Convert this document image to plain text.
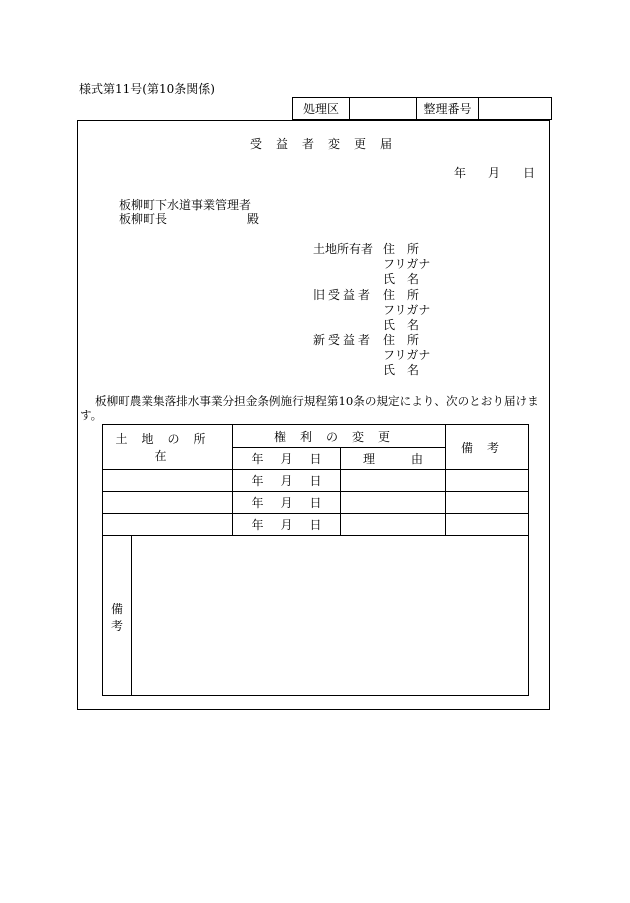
様式第11号(第10条関係)
処理区		整理番号	
受益者変更届
年 月 日
板柳町下水道事業管理者
板柳町長	殿
土地所有者 住　所
フリガナ
氏　名
旧受益者 住　所
フリガナ
氏　名
新受益者 住　所
フリガナ
氏　名
板柳町農業集落排水事業分担金条例施行規程第10条の規定により、次のとおり届けま
す。
土地の所在	権利の変更		備考

	年 月 日	理　　　由	

	年 月 日		

	年 月 日		

	年 月 日		

備
考
